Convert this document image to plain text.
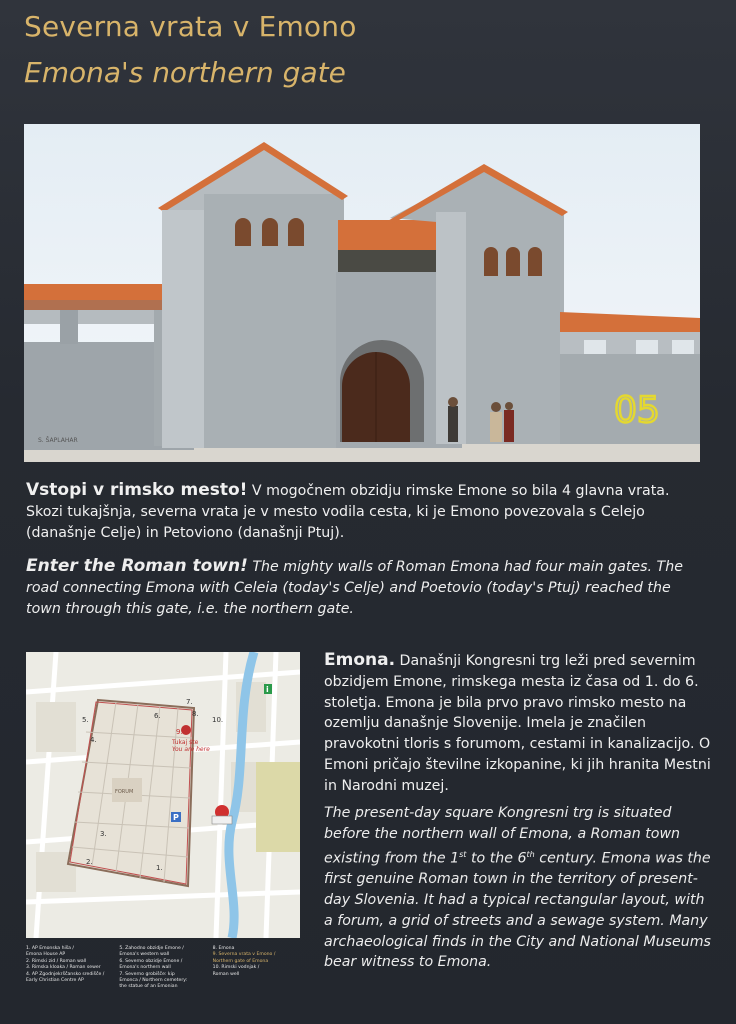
Severna vrata v Emono
Emona's northern gate
05
S. ŠAPLAHAR
Vstopi v rimsko mesto! V mogočnem obzidju rimske Emone so bila 4 glavna vrata. Skozi tukajšnja, severna vrata je v mesto vodila cesta, ki je Emono povezovala s Celejo (današnje Celje) in Petoviono (današnji Ptuj).
Enter the Roman town! The mighty walls of Roman Emona had four main gates. The road connecting Emona with Celeia (today's Celje) and Poetovio (today's Ptuj) reached the town through this gate, i.e. the northern gate.
FORUM
9.
Tukaj ste
You are here
1.
2.
3.
4.
5.	6.
7.
8.
10.
P
i
1. AP Emonska hiša /
Emona House AP
2. Rimski zid / Roman wall
3. Rimska kloaka / Roman sewer
4. AP Zgodnjekrščansko središče /
Early Christian Centre AP
5. Zahodno obzidje Emone /
Emona's western wall
6. Severno obzidje Emone /
Emona's northern wall
7. Severno grobišče: kip
Emonca / Northern cemetery:
the statue of an Emonian
8. Emona
9. Severna vrata v Emono /
Northern gate of Emona
10. Rimski vodnjak /
Roman well
Emona. Današnji Kongresni trg leži pred severnim obzidjem Emone, rimskega mesta iz časa od 1. do 6. stoletja. Emona je bila prvo pravo rimsko mesto na ozemlju današnje Slovenije. Imela je značilen pravokotni tloris s forumom, cestami in kanalizacijo. O Emoni pričajo številne izkopanine, ki jih hranita Mestni in Narodni muzej.
The present-day square Kongresni trg is situated before the northern wall of Emona, a Roman town existing from the 1st to the 6th century. Emona was the first genuine Roman town in the territory of present-day Slovenia. It had a typical rectangular layout, with a forum, a grid of streets and a sewage system. Many archaeological finds in the City and National Museums bear witness to Emona.
